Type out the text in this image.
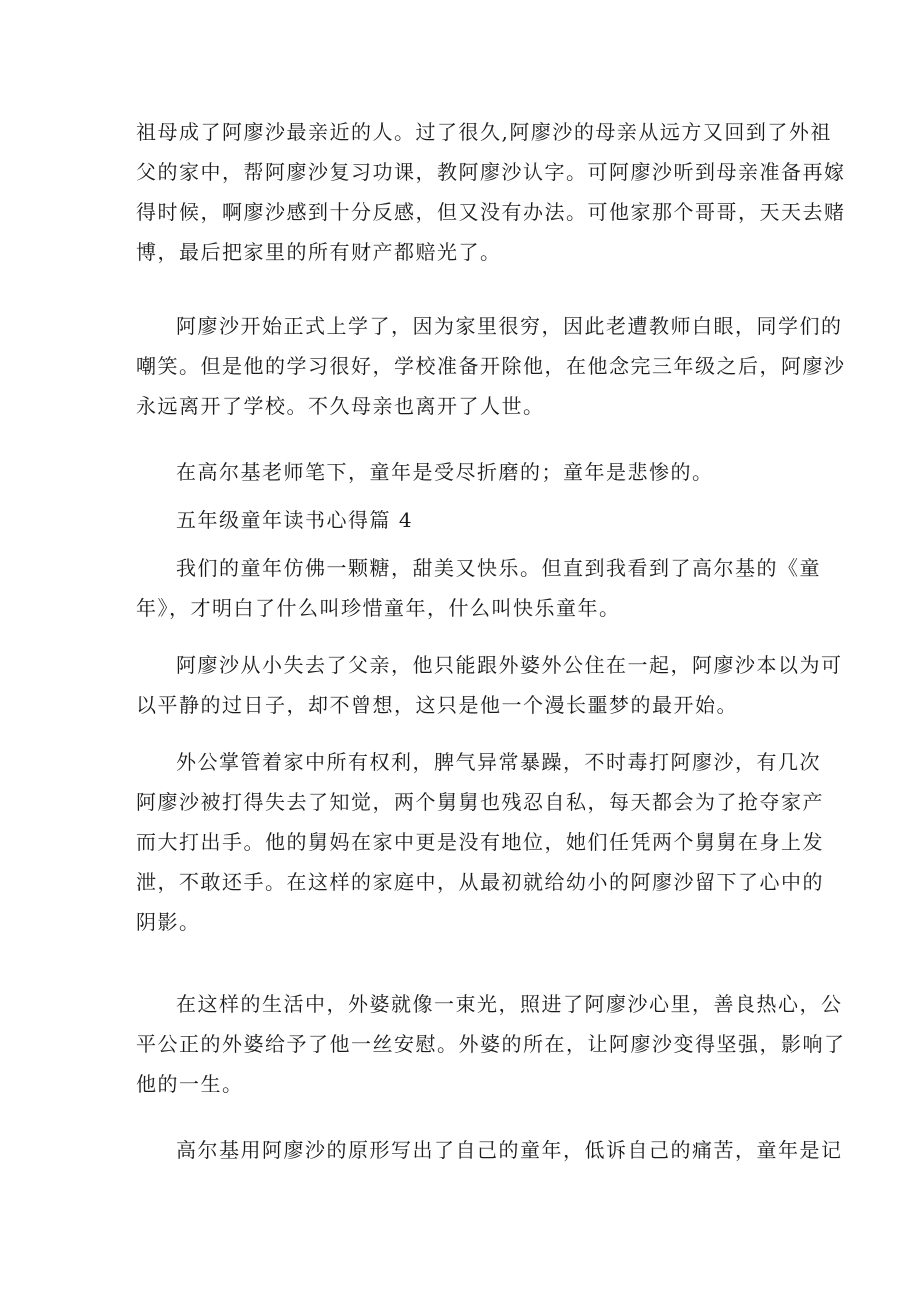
祖母成了阿廖沙最亲近的人。过了很久,阿廖沙的母亲从远方又回到了外祖
父的家中，帮阿廖沙复习功课，教阿廖沙认字。可阿廖沙听到母亲准备再嫁
得时候，啊廖沙感到十分反感，但又没有办法。可他家那个哥哥，天天去赌
博，最后把家里的所有财产都赔光了。
阿廖沙开始正式上学了，因为家里很穷，因此老遭教师白眼，同学们的
嘲笑。但是他的学习很好，学校准备开除他，在他念完三年级之后，阿廖沙
永远离开了学校。不久母亲也离开了人世。
在高尔基老师笔下，童年是受尽折磨的；童年是悲惨的。
五年级童年读书心得篇 4
我们的童年仿佛一颗糖，甜美又快乐。但直到我看到了高尔基的《童
年》，才明白了什么叫珍惜童年，什么叫快乐童年。
阿廖沙从小失去了父亲，他只能跟外婆外公住在一起，阿廖沙本以为可
以平静的过日子，却不曾想，这只是他一个漫长噩梦的最开始。
外公掌管着家中所有权利，脾气异常暴躁，不时毒打阿廖沙，有几次
阿廖沙被打得失去了知觉，两个舅舅也残忍自私，每天都会为了抢夺家产
而大打出手。他的舅妈在家中更是没有地位，她们任凭两个舅舅在身上发
泄，不敢还手。在这样的家庭中，从最初就给幼小的阿廖沙留下了心中的
阴影。
在这样的生活中，外婆就像一束光，照进了阿廖沙心里，善良热心，公
平公正的外婆给予了他一丝安慰。外婆的所在，让阿廖沙变得坚强，影响了
他的一生。
高尔基用阿廖沙的原形写出了自己的童年，低诉自己的痛苦，童年是记
